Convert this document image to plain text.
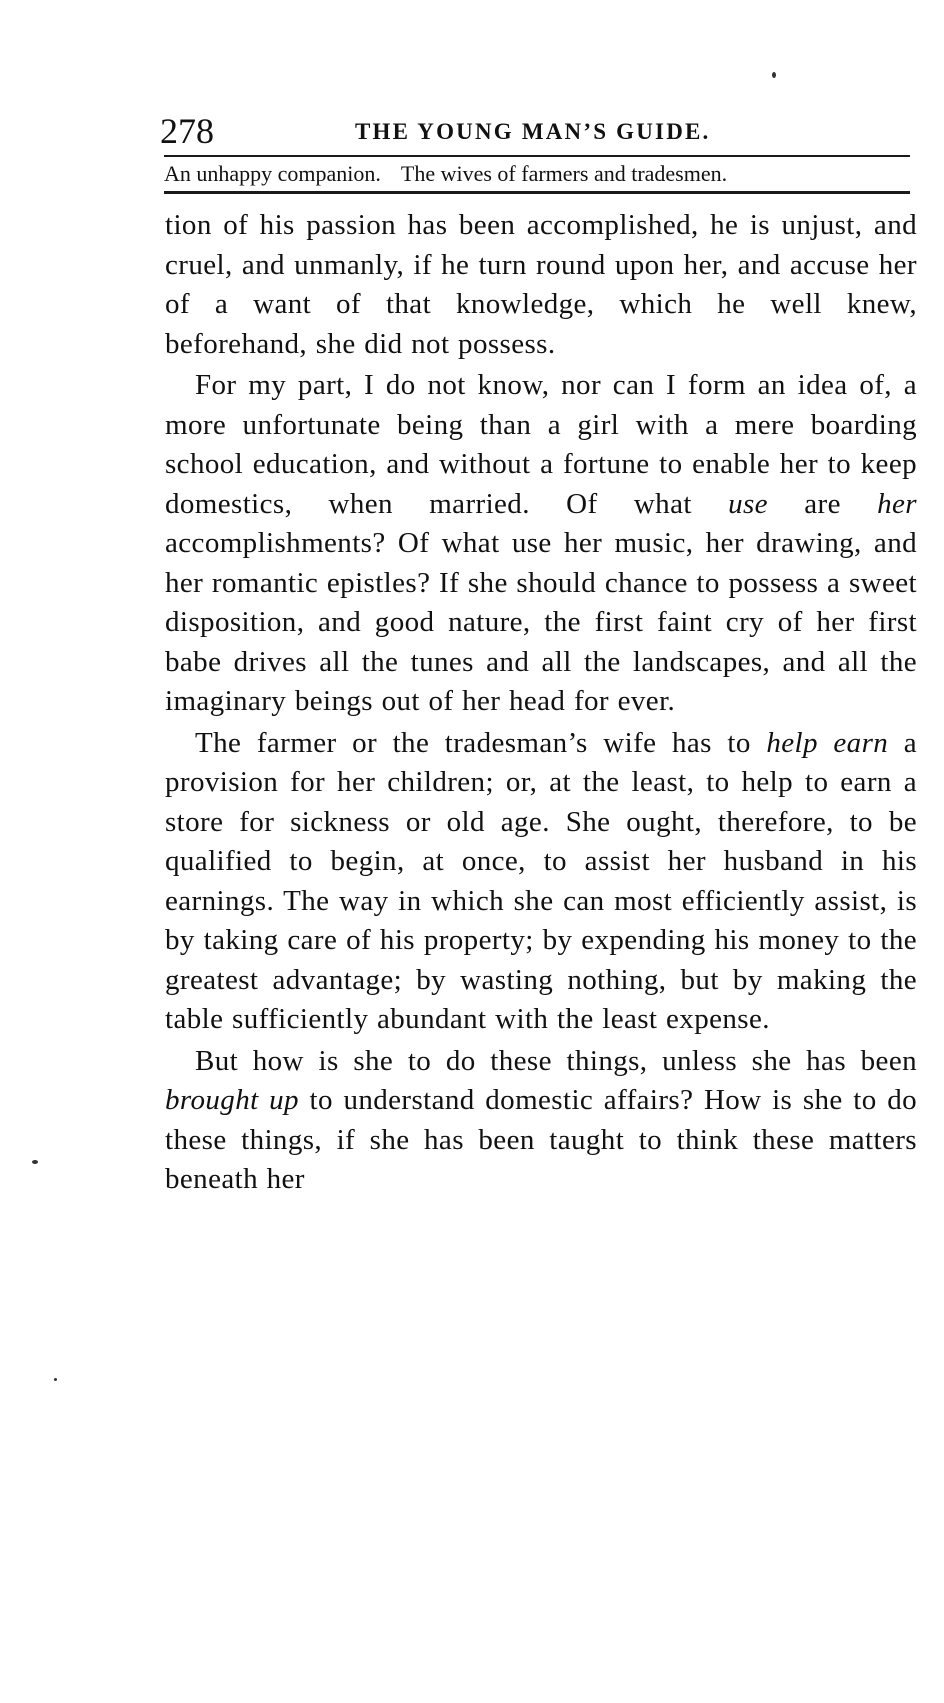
278	THE YOUNG MAN’S GUIDE.
An unhappy companion. The wives of farmers and tradesmen.

tion of his passion has been accomplished, he is unjust, and cruel, and unmanly, if he turn round upon her, and accuse her of a want of that knowledge, which he well knew, beforehand, she did not possess.

For my part, I do not know, nor can I form an idea of, a more unfortunate being than a girl with a mere boarding school education, and without a fortune to enable her to keep domestics, when married. Of what use are her accomplishments? Of what use her music, her drawing, and her romantic epistles? If she should chance to possess a sweet disposition, and good nature, the first faint cry of her first babe drives all the tunes and all the landscapes, and all the imaginary beings out of her head for ever.

The farmer or the tradesman’s wife has to help earn a provision for her children; or, at the least, to help to earn a store for sickness or old age. She ought, therefore, to be qualified to begin, at once, to assist her husband in his earnings. The way in which she can most efficiently assist, is by taking care of his property; by expending his money to the greatest advantage; by wasting nothing, but by making the table sufficiently abundant with the least expense.

But how is she to do these things, unless she has been brought up to understand domestic affairs? How is she to do these things, if she has been taught to think these matters beneath her
